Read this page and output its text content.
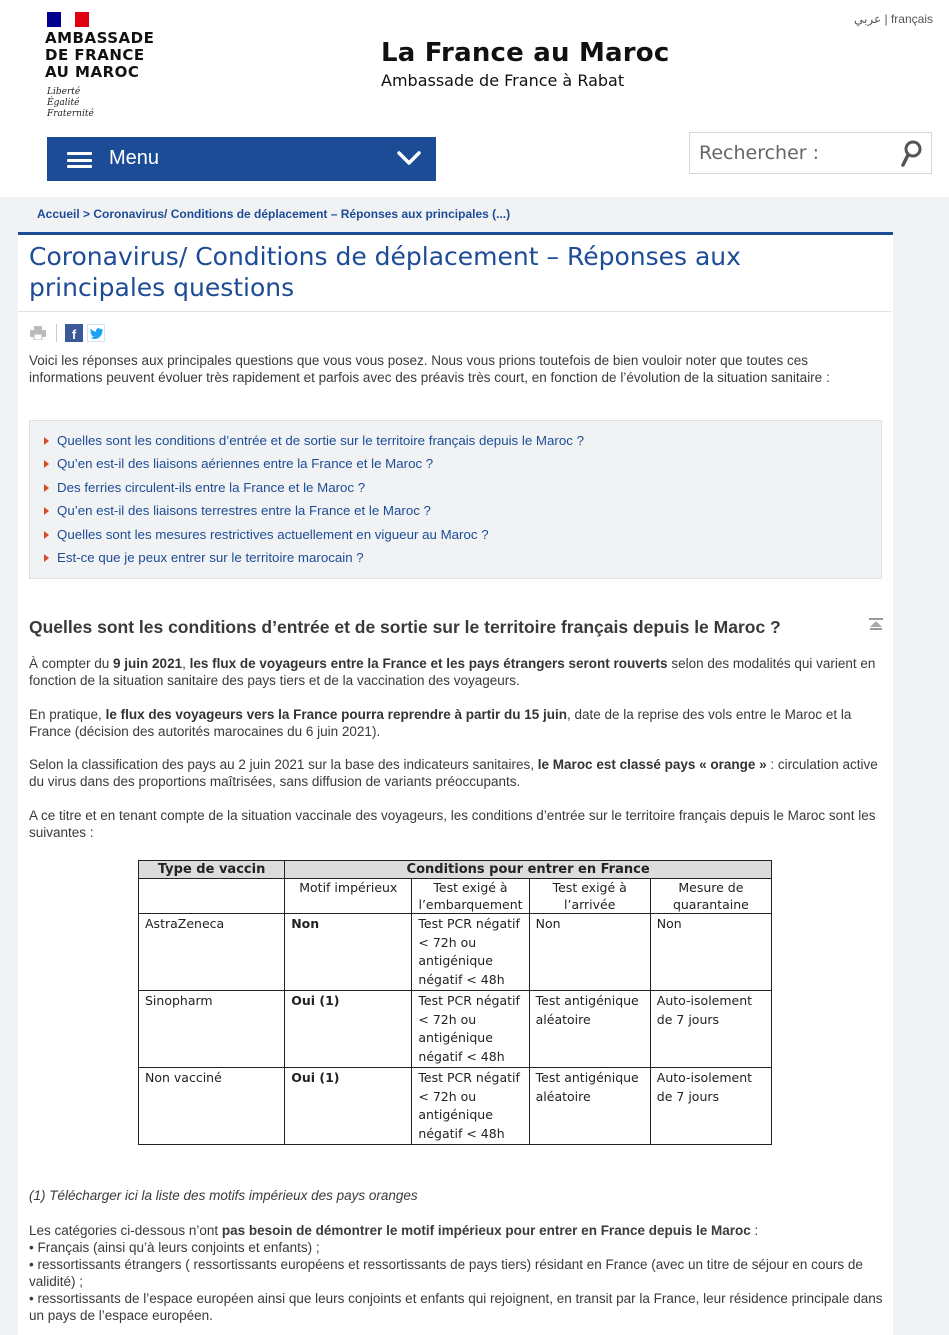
AMBASSADE
DE FRANCE
AU MAROC
Liberté
Égalité
Fraternité
La France au Maroc
Ambassade de France à Rabat
عربي | français
Menu
Rechercher :
Accueil > Coronavirus/ Conditions de déplacement – Réponses aux principales (...)
Coronavirus/ Conditions de déplacement – Réponses aux principales questions
f

Voici les réponses aux principales questions que vous vous posez. Nous vous prions toutefois de bien vouloir noter que toutes ces informations peuvent évoluer très rapidement et parfois avec des préavis très court, en fonction de l’évolution de la situation sanitaire :

Quelles sont les conditions d’entrée et de sortie sur le territoire français depuis le Maroc ?
Qu’en est-il des liaisons aériennes entre la France et le Maroc ?
Des ferries circulent-ils entre la France et le Maroc ?
Qu’en est-il des liaisons terrestres entre la France et le Maroc ?
Quelles sont les mesures restrictives actuellement en vigueur au Maroc ?
Est-ce que je peux entrer sur le territoire marocain ?
Quelles sont les conditions d’entrée et de sortie sur le territoire français depuis le Maroc ?

À compter du 9 juin 2021, les flux de voyageurs entre la France et les pays étrangers seront rouverts selon des modalités qui varient en fonction de la situation sanitaire des pays tiers et de la vaccination des voyageurs.

En pratique, le flux des voyageurs vers la France pourra reprendre à partir du 15 juin, date de la reprise des vols entre le Maroc et la France (décision des autorités marocaines du 6 juin 2021).

Selon la classification des pays au 2 juin 2021 sur la base des indicateurs sanitaires, le Maroc est classé pays « orange » : circulation active du virus dans des proportions maîtrisées, sans diffusion de variants préoccupants.

A ce titre et en tenant compte de la situation vaccinale des voyageurs, les conditions d’entrée sur le territoire français depuis le Maroc sont les suivantes :

Type de vaccin	Conditions pour entrer en France			
	Motif impérieux	Test exigé à l’embarquement	Test exigé à l’arrivée	Mesure de quarantaine
AstraZeneca	Non	Test PCR négatif < 72h ou antigénique négatif < 48h	Non	Non
Sinopharm	Oui (1)	Test PCR négatif < 72h ou antigénique négatif < 48h	Test antigénique aléatoire	Auto-isolement de 7 jours
Non vacciné	Oui (1)	Test PCR négatif < 72h ou antigénique négatif < 48h	Test antigénique aléatoire	Auto-isolement de 7 jours

(1) Télécharger ici la liste des motifs impérieux des pays oranges

Les catégories ci-dessous n’ont pas besoin de démontrer le motif impérieux pour entrer en France depuis le Maroc :
• Français (ainsi qu’à leurs conjoints et enfants) ;
• ressortissants étrangers ( ressortissants européens et ressortissants de pays tiers) résidant en France (avec un titre de séjour en cours de validité) ;
• ressortissants de l’espace européen ainsi que leurs conjoints et enfants qui rejoignent, en transit par la France, leur résidence principale dans un pays de l’espace européen.
